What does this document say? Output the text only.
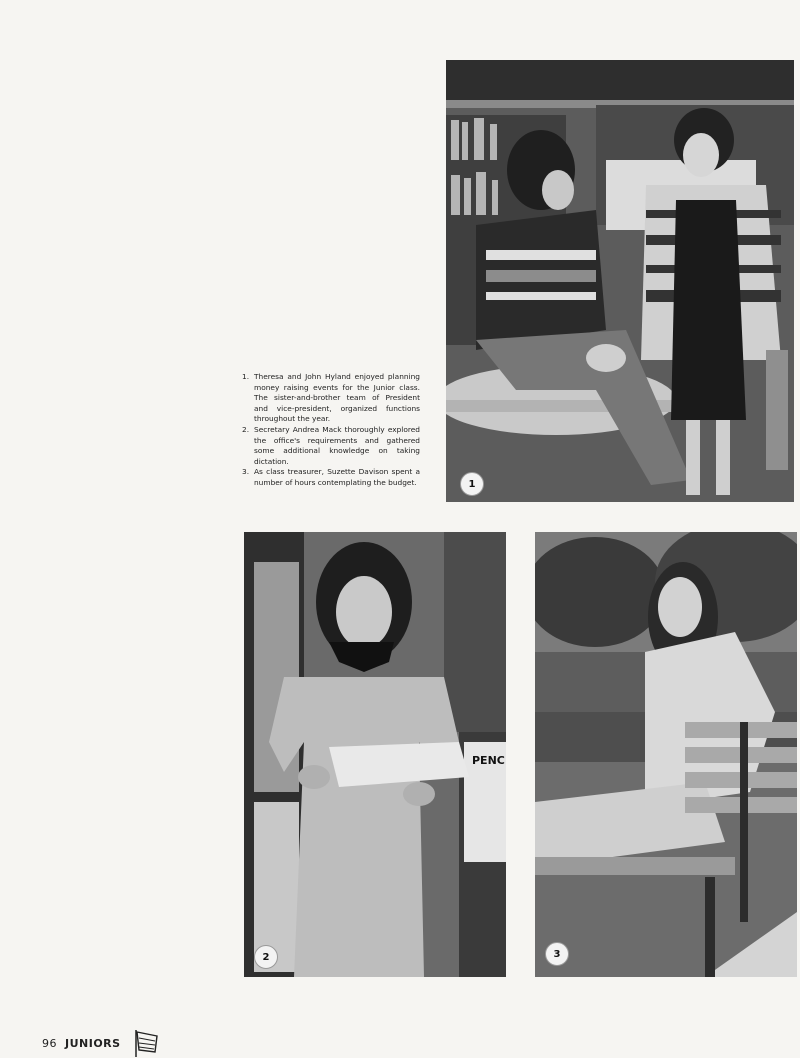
1
1. Theresa and John Hyland enjoyed planning money raising events for the Junior class. The sister-and-brother team of President and vice-president, organized functions throughout the year.
2. Secretary Andrea Mack thoroughly explored the office's requirements and gathered some additional knowledge on taking dictation.
3. As class treasurer, Suzette Davison spent a number of hours contemplating the budget.
PENC
2	3
96 JUNIORS
